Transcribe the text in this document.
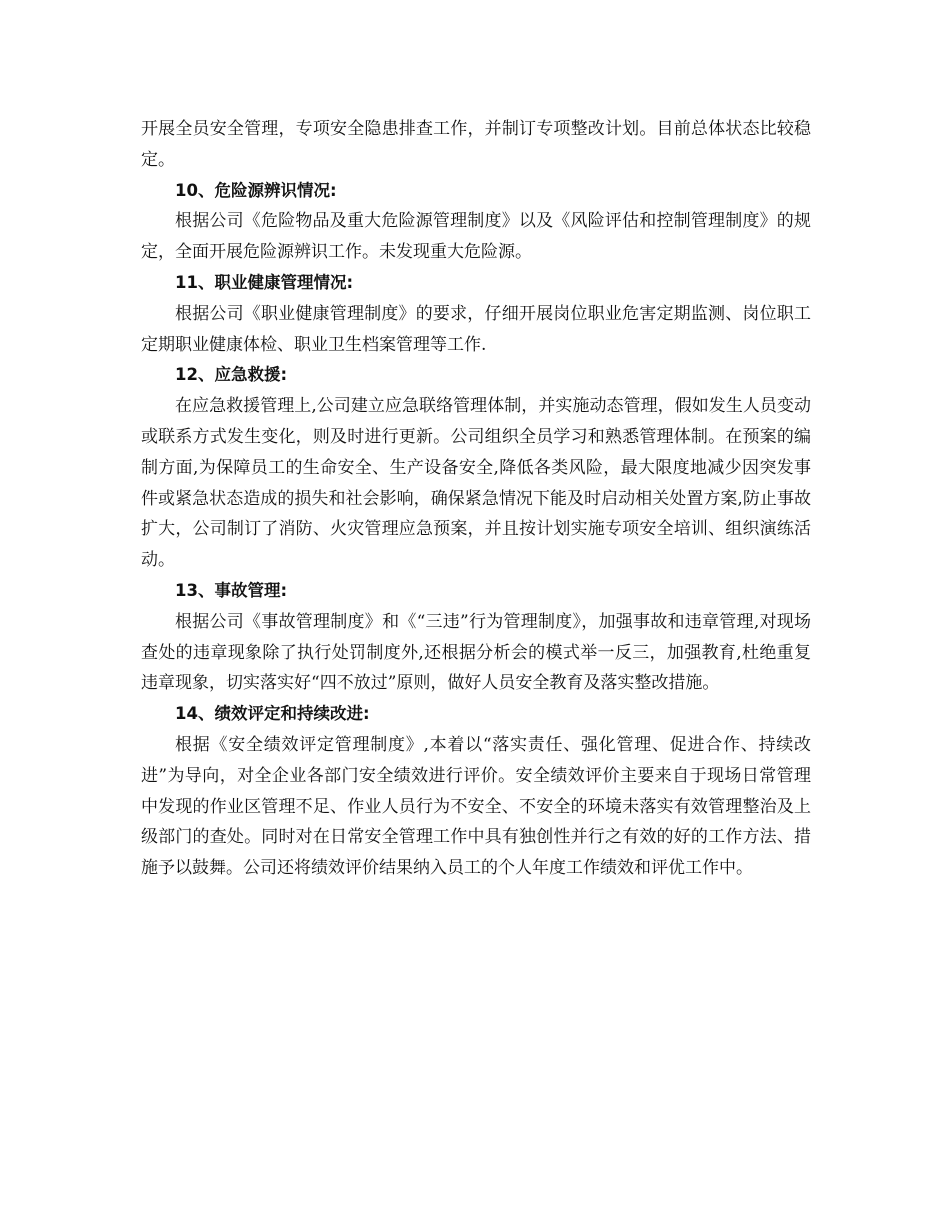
开展全员安全管理，专项安全隐患排查工作，并制订专项整改计划。目前总体状态比较稳定。

10、危险源辨识情况:

根据公司《危险物品及重大危险源管理制度》以及《风险评估和控制管理制度》的规定，全面开展危险源辨识工作。未发现重大危险源。

11、职业健康管理情况:

根据公司《职业健康管理制度》的要求，仔细开展岗位职业危害定期监测、岗位职工定期职业健康体检、职业卫生档案管理等工作.

12、应急救援:

在应急救援管理上,公司建立应急联络管理体制，并实施动态管理，假如发生人员变动或联系方式发生变化，则及时进行更新。公司组织全员学习和熟悉管理体制。在预案的编制方面,为保障员工的生命安全、生产设备安全,降低各类风险，最大限度地减少因突发事件或紧急状态造成的损失和社会影响，确保紧急情况下能及时启动相关处置方案,防止事故扩大，公司制订了消防、火灾管理应急预案，并且按计划实施专项安全培训、组织演练活动。

13、事故管理:

根据公司《事故管理制度》和《“三违”行为管理制度》，加强事故和违章管理,对现场查处的违章现象除了执行处罚制度外,还根据分析会的模式举一反三，加强教育,杜绝重复违章现象，切实落实好“四不放过”原则，做好人员安全教育及落实整改措施。

14、绩效评定和持续改进:

根据《安全绩效评定管理制度》,本着以“落实责任、强化管理、促进合作、持续改进”为导向，对全企业各部门安全绩效进行评价。安全绩效评价主要来自于现场日常管理中发现的作业区管理不足、作业人员行为不安全、不安全的环境未落实有效管理整治及上级部门的查处。同时对在日常安全管理工作中具有独创性并行之有效的好的工作方法、措施予以鼓舞。公司还将绩效评价结果纳入员工的个人年度工作绩效和评优工作中。
